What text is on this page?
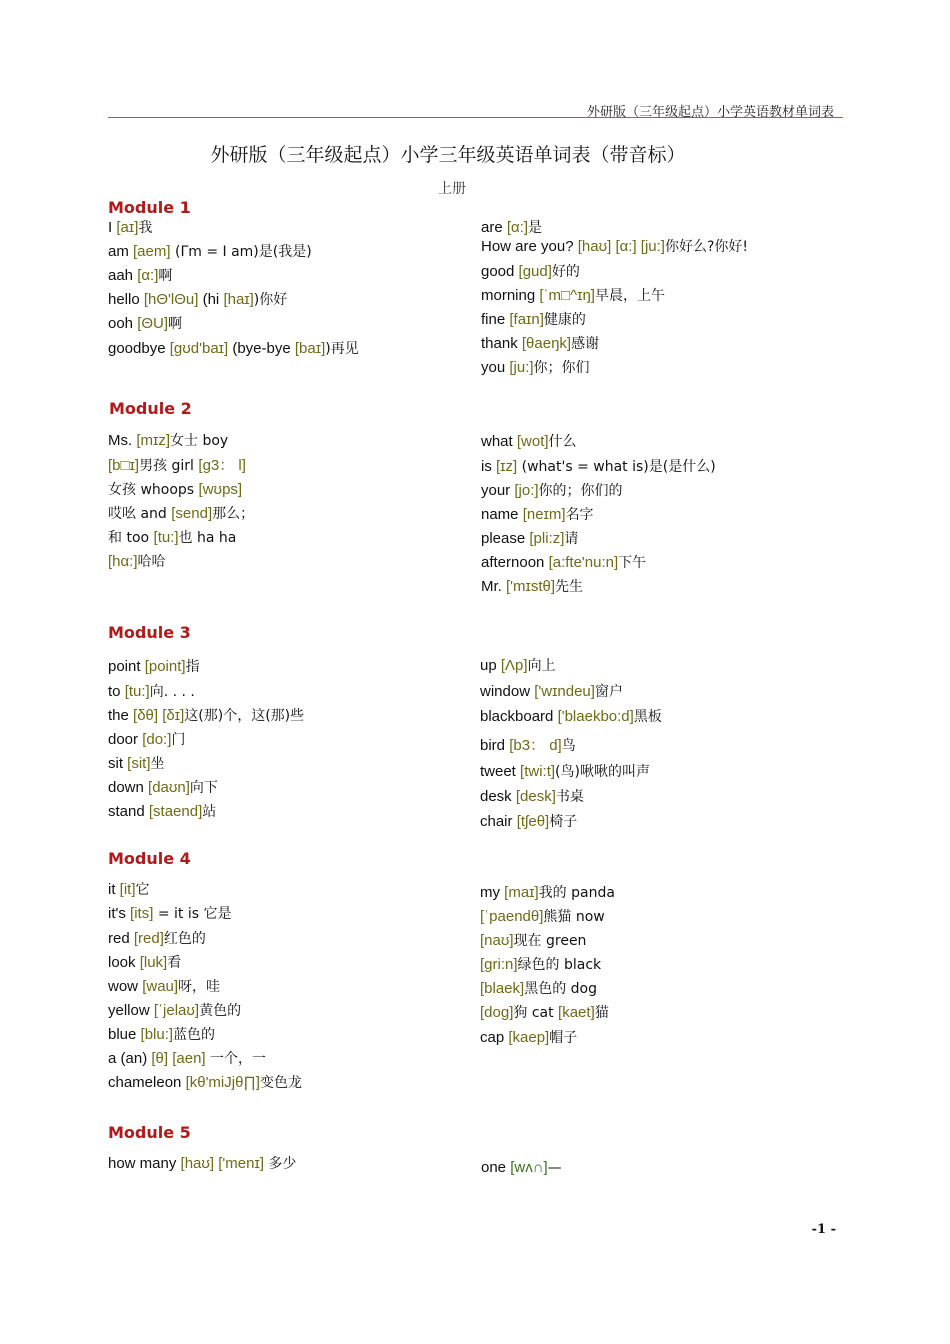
外研版（三年级起点）小学英语教材单词表
外研版（三年级起点）小学三年级英语单词表（带音标）
上册
Module 1
Module 2
Module 3
Module 4
Module 5
-1 -
I [aɪ]我
am [aem] (Γm = I am)是(我是)
aah [α:]啊
hello [hΘ'lΘu] (hi [haɪ])你好
ooh [ΘU]啊
goodbye [gʊd'baɪ] (bye-bye [baɪ])再见
are [α:]是
How are you? [haʊ] [α:] [ju:]你好么?你好!
good [gud]好的
morning [ˈm□^ɪŋ]早晨，上午
fine [faɪn]健康的
thank [θaeŋk]感谢
you [ju:]你；你们
Ms. [mɪz]女士 boy
[b□ɪ]男孩 girl [g3： l]
女孩 whoops [wʊps]
哎吆 and [send]那么；
和 too [tu:]也 ha ha
[hα:]哈哈
what [wot]什么
is [ɪz] (what's = what is)是(是什么)
your [jo:]你的；你们的
name [neɪm]名字
please [pli:z]请
afternoon [a:fte'nu:n]下午
Mr. ['mɪstθ]先生
point [point]指
to [tu:]向. . . .
the [δθ] [δɪ]这(那)个，这(那)些
door [do:]门
sit [sit]坐
down [daʊn]向下
stand [staend]站
up [Λp]向上
window ['wɪndeu]窗户
blackboard ['blaekbo:d]黑板
bird [b3： d]鸟
tweet [twi:t](鸟)啾啾的叫声
desk [desk]书桌
chair [tʃeθ]椅子
it [it]它
it's [its] = it is 它是
red [red]红色的
look [luk]看
wow [wau]呀，哇
yellow [ˈjelaʊ]黄色的
blue [blu:]蓝色的
a (an) [θ] [aen] 一个，一
chameleon [kθ'miJjθ∏]变色龙
my [maɪ]我的 panda
[ˈpaendθ]熊猫 now
[naʊ]现在 green
[gri:n]绿色的 black
[blaek]黑色的 dog
[dog]狗 cat [kaet]猫
cap [kaep]帽子
how many [haʊ] ['menɪ] 多少	one [wʌ∩]—
